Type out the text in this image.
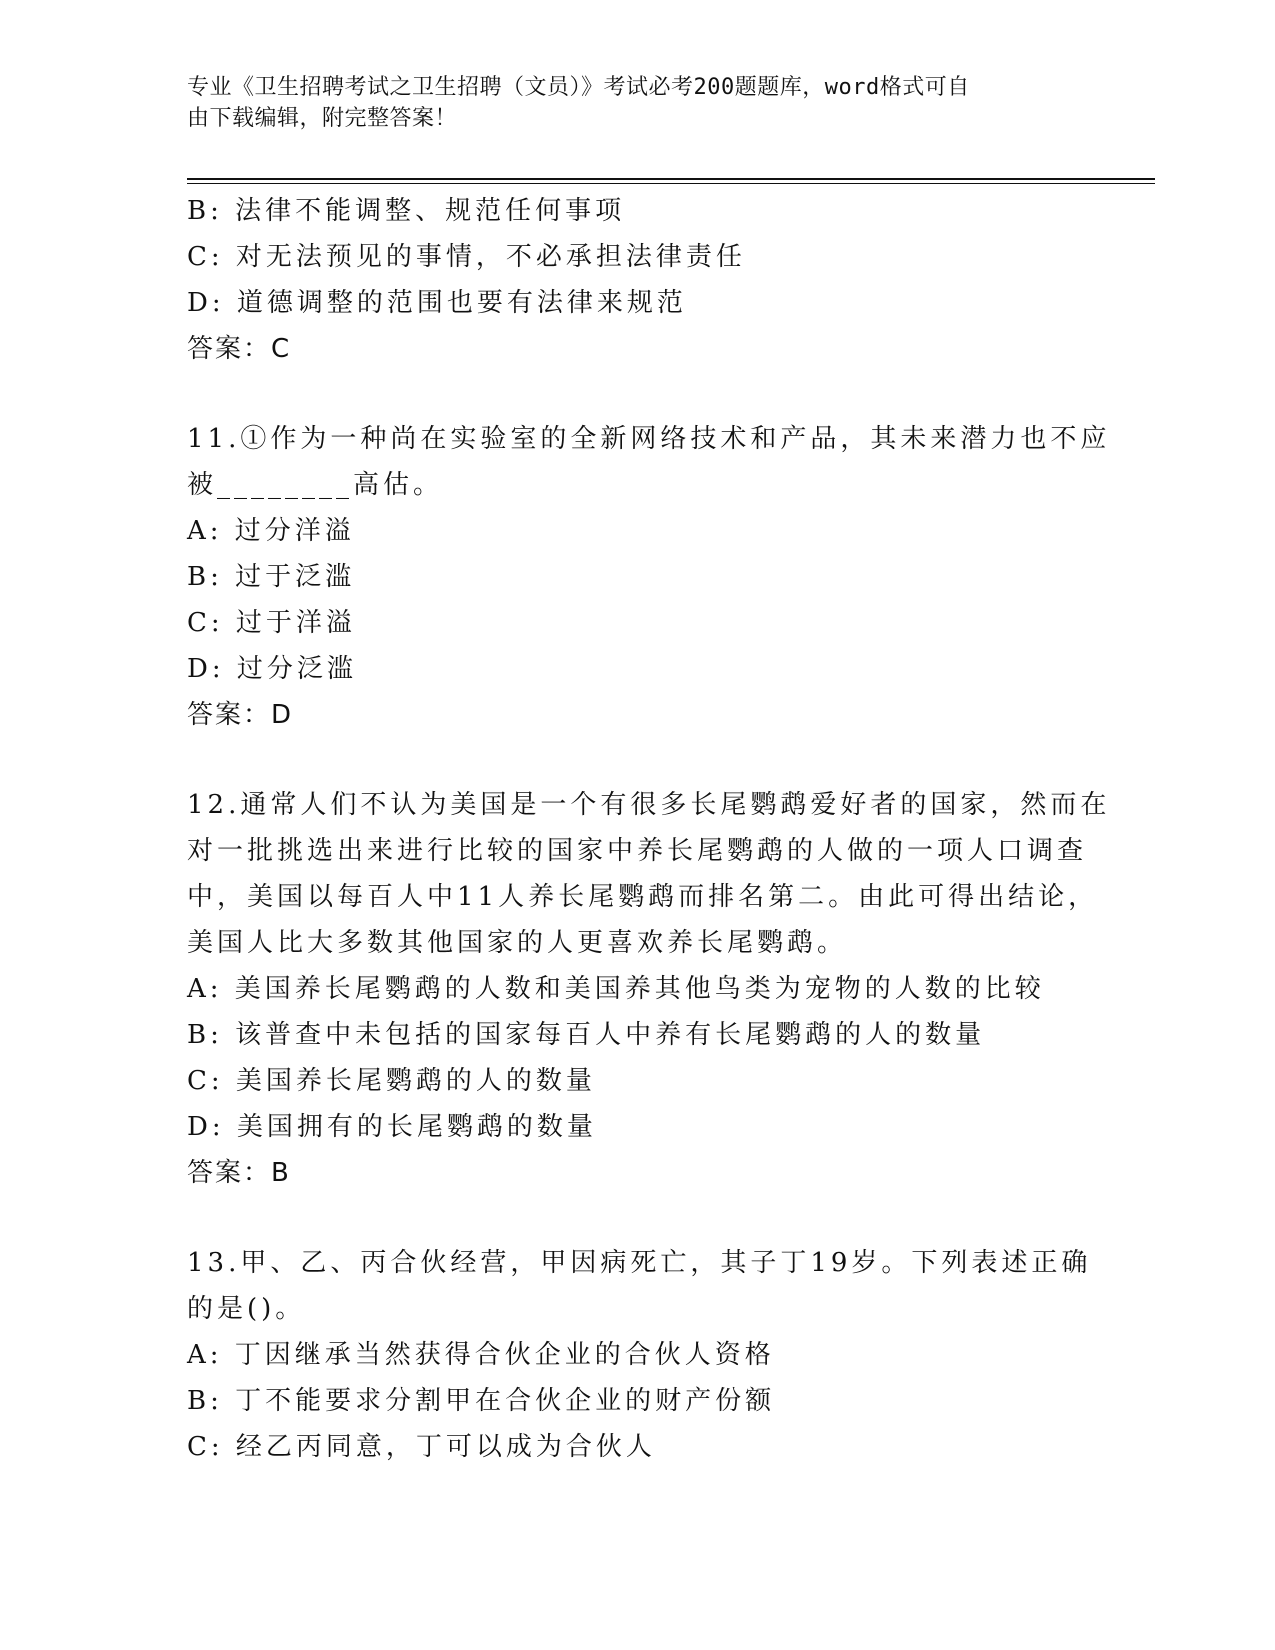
专业《卫生招聘考试之卫生招聘（文员）》考试必考200题题库，word格式可自
由下载编辑，附完整答案！
B: 法律不能调整、规范任何事项
C: 对无法预见的事情，不必承担法律责任
D: 道德调整的范围也要有法律来规范
答案：C
11.①作为一种尚在实验室的全新网络技术和产品，其未来潜力也不应
被________高估。
A: 过分洋溢
B: 过于泛滥
C: 过于洋溢
D: 过分泛滥
答案：D
12.通常人们不认为美国是一个有很多长尾鹦鹉爱好者的国家，然而在
对一批挑选出来进行比较的国家中养长尾鹦鹉的人做的一项人口调查
中，美国以每百人中11人养长尾鹦鹉而排名第二。由此可得出结论，
美国人比大多数其他国家的人更喜欢养长尾鹦鹉。
A: 美国养长尾鹦鹉的人数和美国养其他鸟类为宠物的人数的比较
B: 该普查中未包括的国家每百人中养有长尾鹦鹉的人的数量
C: 美国养长尾鹦鹉的人的数量
D: 美国拥有的长尾鹦鹉的数量
答案：B
13.甲、乙、丙合伙经营，甲因病死亡，其子丁19岁。下列表述正确
的是()。
A: 丁因继承当然获得合伙企业的合伙人资格
B: 丁不能要求分割甲在合伙企业的财产份额
C: 经乙丙同意，丁可以成为合伙人
